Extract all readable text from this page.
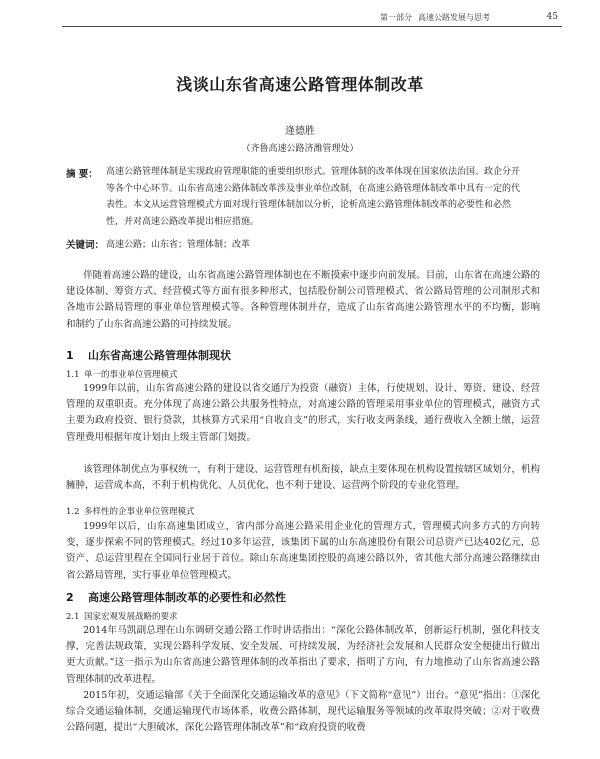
第一部分 高速公路发展与思考	45
浅谈山东省高速公路管理体制改革
逄德胜
（齐鲁高速公路济潍管理处）
摘 要： 高速公路管理体制是实现政府管理职能的重要组织形式。管理体制的改革体现在国家依法治国、政企分开等各个中心环节。山东省高速公路体制改革涉及事业单位改制，在高速公路管理体制改革中具有一定的代表性。本文从运营管理模式方面对现行管理体制加以分析，论析高速公路管理体制改革的必要性和必然性，并对高速公路改革提出相应措施。

关键词： 高速公路；山东省；管理体制；改革

伴随着高速公路的建设，山东省高速公路管理体制也在不断摸索中逐步向前发展。目前，山东省在高速公路的建设体制、筹资方式、经营模式等方面有很多种形式，包括股份制公司管理模式、省公路局管理的公司制形式和各地市公路局管理的事业单位管理模式等。各种管理体制并存，造成了山东省高速公路管理水平的不均衡，影响和制约了山东省高速公路的可持续发展。

1 山东省高速公路管理体制现状
1.1 单一的事业单位管理模式

1999年以前，山东省高速公路的建设以省交通厅为投资（融资）主体，行使规划、设计、筹资、建设、经营管理的双重职责。充分体现了高速公路公共服务性特点，对高速公路的管理采用事业单位的管理模式，融资方式主要为政府投资、银行贷款，其核算方式采用“自收自支”的形式，实行收支两条线，通行费收入全额上缴，运营管理费用根据年度计划由上级主管部门划拨。

该管理体制优点为事权统一，有利于建设、运营管理有机衔接，缺点主要体现在机构设置按辖区域划分，机构臃肿，运营成本高，不利于机构优化、人员优化，也不利于建设、运营两个阶段的专业化管理。

1.2 多样性的企事业单位管理模式

1999年以后，山东高速集团成立，省内部分高速公路采用企业化的管理方式，管理模式向多方式的方向转变，逐步探索不同的管理模式。经过10多年运营，该集团下属的山东高速股份有限公司总资产已达402亿元，总资产、总运营里程在全国同行业居于首位。除山东高速集团控股的高速公路以外，省其他大部分高速公路继续由省公路局管理，实行事业单位管理模式。

2 高速公路管理体制改革的必要性和必然性
2.1 国家宏观发展战略的要求

2014年马凯副总理在山东调研交通公路工作时讲话指出：“深化公路体制改革，创新运行机制，强化科技支撑，完善法规政策，实现公路科学发展、安全发展、可持续发展，为经济社会发展和人民群众安全便捷出行做出更大贡献。”这一指示为山东省高速公路管理体制的改革指出了要求，指明了方向，有力地推动了山东省高速公路管理体制的改革进程。

2015年初，交通运输部《关于全面深化交通运输改革的意见》（下文简称“意见”）出台。“意见”指出：①深化综合交通运输体制，交通运输现代市场体系，收费公路体制，现代运输服务等领域的改革取得突破；②对于收费公路问题，提出“大胆破冰，深化公路管理体制改革”和“政府投资的收费
